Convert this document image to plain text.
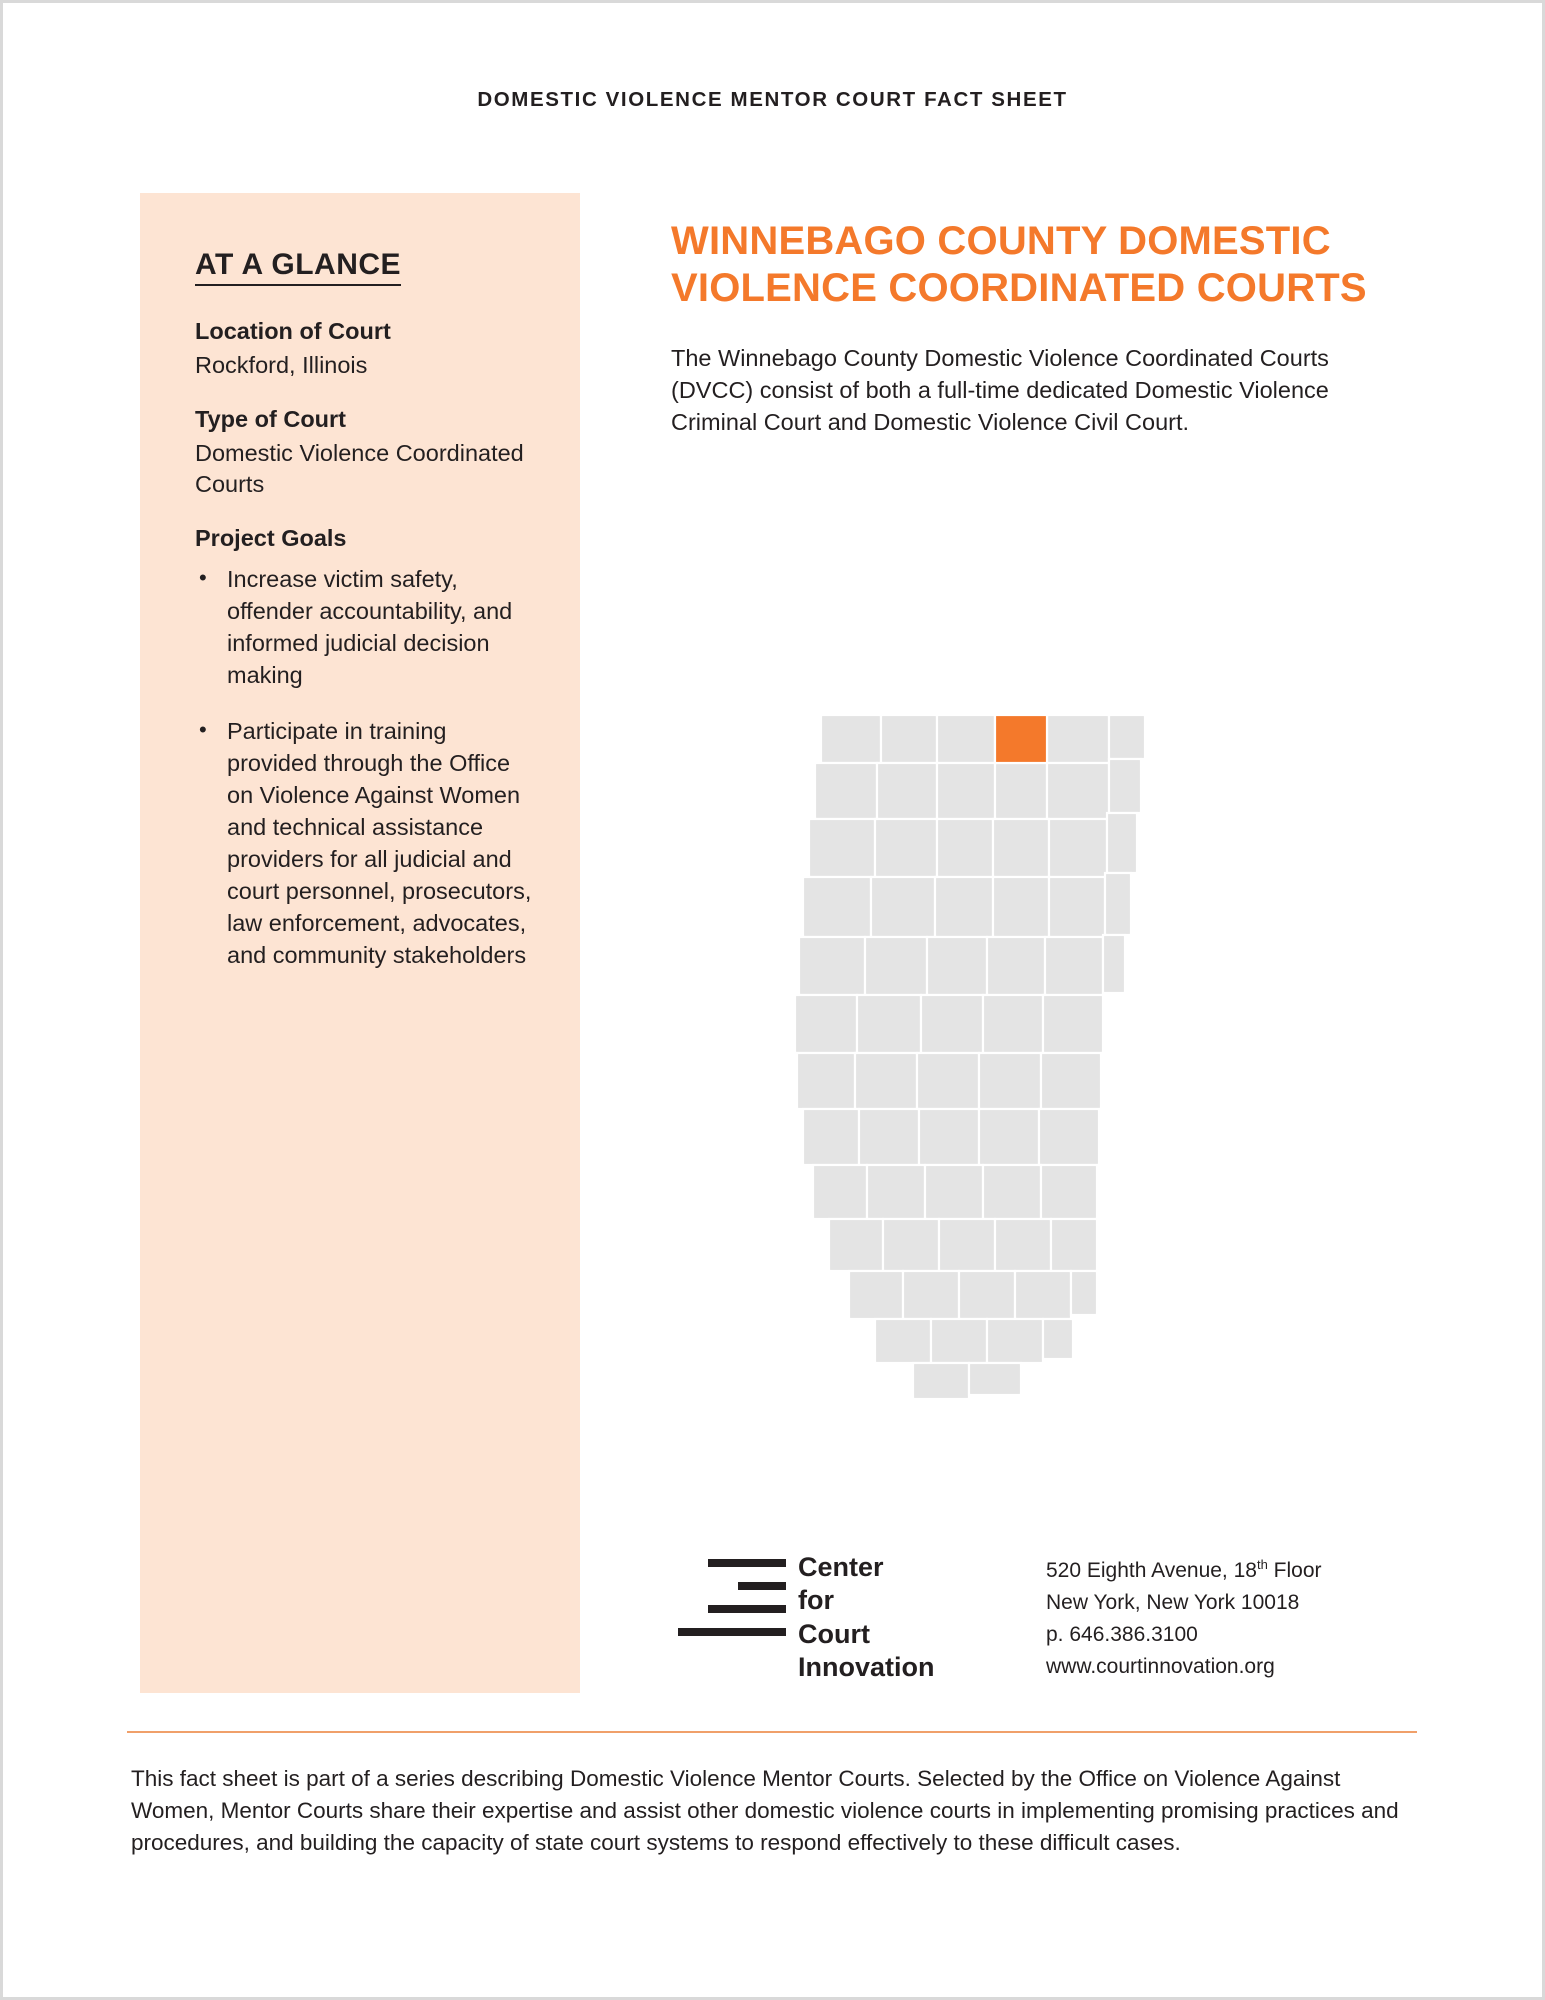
DOMESTIC VIOLENCE MENTOR COURT FACT SHEET
AT A GLANCE
Location of Court
Rockford, Illinois
Type of Court
Domestic Violence Coordinated Courts
Project Goals
• Increase victim safety, offender accountability, and informed judicial decision making
• Participate in training provided through the Office on Violence Against Women and technical assistance providers for all judicial and court personnel, prosecutors, law enforcement, advocates, and community stakeholders
WINNEBAGO COUNTY DOMESTIC VIOLENCE COORDINATED COURTS

The Winnebago County Domestic Violence Coordinated Courts (DVCC) consist of both a full-time dedicated Domestic Violence Criminal Court and Domestic Violence Civil Court.

Center
for
Court
Innovation
520 Eighth Avenue, 18th Floor
New York, New York 10018
p. 646.386.3100
www.courtinnovation.org
This fact sheet is part of a series describing Domestic Violence Mentor Courts. Selected by the Office on Violence Against Women, Mentor Courts share their expertise and assist other domestic violence courts in implementing promising practices and procedures, and building the capacity of state court systems to respond effectively to these difficult cases.
